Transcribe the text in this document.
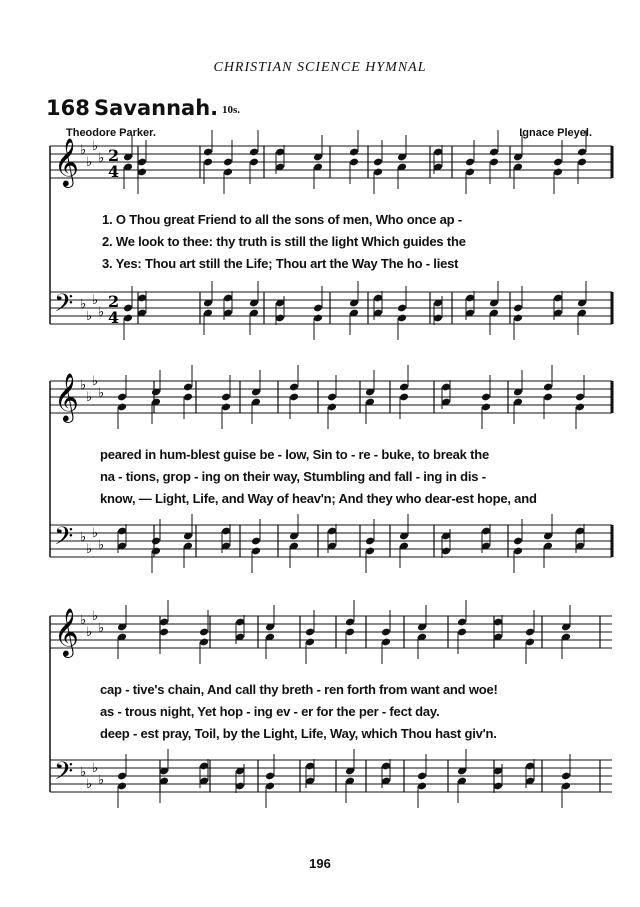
CHRISTIAN SCIENCE HYMNAL
168 Savannah. 10s.
Theodore Parker.	Ignace Pleyel.
𝄞 ♭
♭
♭
♭ 2
4
𝄢 ♭
♭
♭
♭
2
4
1. O Thou great Friend to all the sons of men, Who once ap -
2. We look to thee: thy truth is still the light Which guides the
3. Yes: Thou art still the Life; Thou art the Way The ho - liest
𝄞 ♭
♭
♭
♭
𝄢 ♭
♭
♭
♭
peared in hum-blest guise be - low, Sin to - re - buke, to break the
na - tions, grop - ing on their way, Stumbling and fall - ing in dis -
know, — Light, Life, and Way of heav'n; And they who dear-est hope, and
𝄞 ♭
♭
♭
♭
𝄢 ♭
♭
♭
♭
cap - tive's chain, And call thy breth - ren forth from want and woe!
as - trous night, Yet hop - ing ev - er for the per - fect day.
deep - est pray, Toil, by the Light, Life, Way, which Thou hast giv'n.
196
